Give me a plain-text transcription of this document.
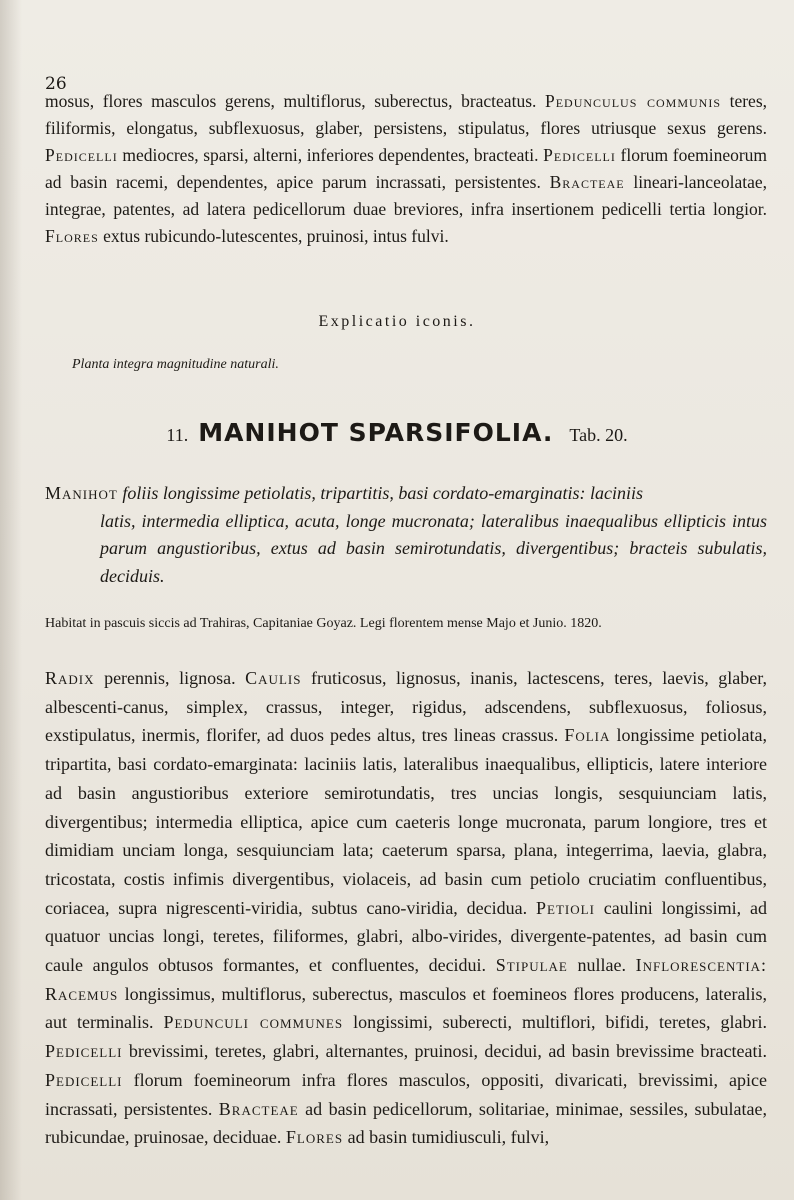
26

mosus, flores masculos gerens, multiflorus, suberectus, bracteatus. Pedunculus communis teres, filiformis, elongatus, subflexuosus, glaber, persistens, stipulatus, flores utriusque sexus gerens. Pedicelli mediocres, sparsi, alterni, inferiores dependentes, bracteati. Pedicelli florum foemineorum ad basin racemi, dependentes, apice parum incrassati, persistentes. Bracteae lineari-lanceolatae, integrae, patentes, ad latera pedicellorum duae breviores, infra insertionem pedicelli tertia longior. Flores extus rubicundo-lutescentes, pruinosi, intus fulvi.

Explicatio iconis.
Planta integra magnitudine naturali.
11. MANIHOT SPARSIFOLIA. Tab. 20.

Manihot foliis longissime petiolatis, tripartitis, basi cordato-emarginatis: laciniis
latis, intermedia elliptica, acuta, longe mucronata; lateralibus inaequalibus ellipticis intus parum angustioribus, extus ad basin semirotundatis, divergentibus; bracteis subulatis, deciduis.

Habitat in pascuis siccis ad Trahiras, Capitaniae Goyaz. Legi florentem mense Majo et Junio. 1820.

Radix perennis, lignosa. Caulis fruticosus, lignosus, inanis, lactescens, teres, laevis, glaber, albescenti-canus, simplex, crassus, integer, rigidus, adscendens, subflexuosus, foliosus, exstipulatus, inermis, florifer, ad duos pedes altus, tres lineas crassus. Folia longissime petiolata, tripartita, basi cordato-emarginata: laciniis latis, lateralibus inaequalibus, ellipticis, latere interiore ad basin angustioribus exteriore semirotundatis, tres uncias longis, sesquiunciam latis, divergentibus; intermedia elliptica, apice cum caeteris longe mucronata, parum longiore, tres et dimidiam unciam longa, sesquiunciam lata; caeterum sparsa, plana, integerrima, laevia, glabra, tricostata, costis infimis divergentibus, violaceis, ad basin cum petiolo cruciatim confluentibus, coriacea, supra nigrescenti-viridia, subtus cano-viridia, decidua. Petioli caulini longissimi, ad quatuor uncias longi, teretes, filiformes, glabri, albo-virides, divergente-patentes, ad basin cum caule angulos obtusos formantes, et confluentes, decidui. Stipulae nullae. Inflorescentia: Racemus longissimus, multiflorus, suberectus, masculos et foemineos flores producens, lateralis, aut terminalis. Pedunculi communes longissimi, suberecti, multiflori, bifidi, teretes, glabri. Pedicelli brevissimi, teretes, glabri, alternantes, pruinosi, decidui, ad basin brevissime bracteati. Pedicelli florum foemineorum infra flores masculos, oppositi, divaricati, brevissimi, apice incrassati, persistentes. Bracteae ad basin pedicellorum, solitariae, minimae, sessiles, subulatae, rubicundae, pruinosae, deciduae. Flores ad basin tumidiusculi, fulvi,
